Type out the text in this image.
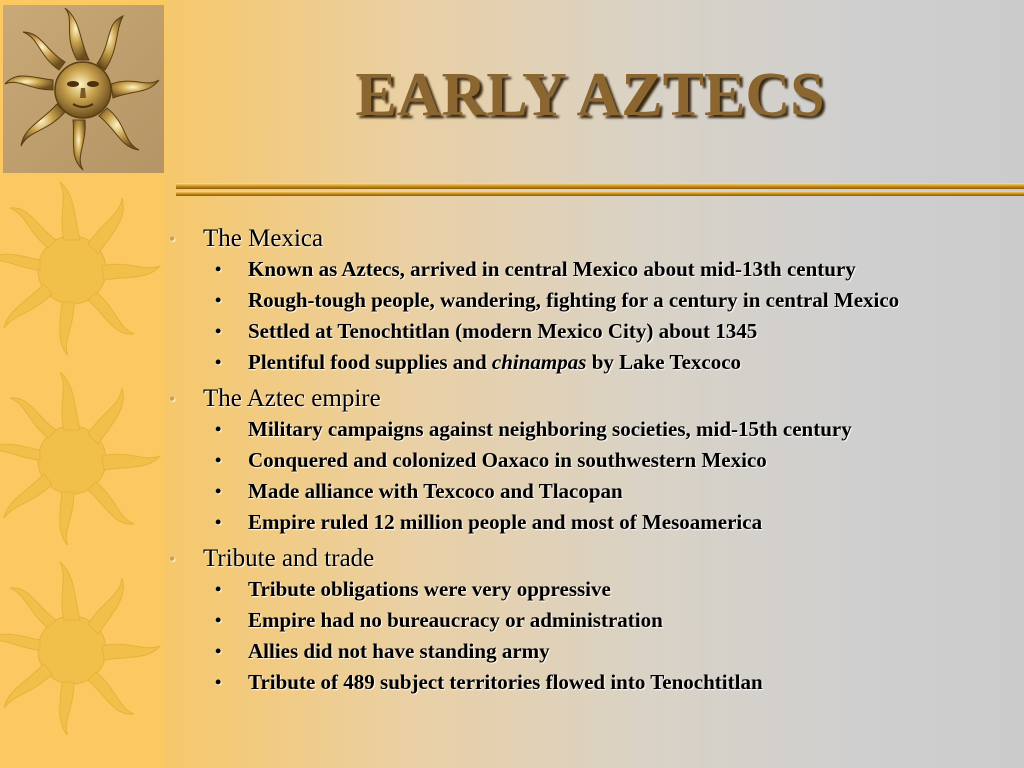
EARLY AZTECS
• The Mexica
• Known as Aztecs, arrived in central Mexico about mid-13th century
• Rough-tough people, wandering, fighting for a century in central Mexico
• Settled at Tenochtitlan (modern Mexico City) about 1345
• Plentiful food supplies and chinampas by Lake Texcoco
• The Aztec empire
• Military campaigns against neighboring societies, mid-15th century
• Conquered and colonized Oaxaco in southwestern Mexico
• Made alliance with Texcoco and Tlacopan
• Empire ruled 12 million people and most of Mesoamerica
• Tribute and trade
• Tribute obligations were very oppressive
• Empire had no bureaucracy or administration
• Allies did not have standing army
• Tribute of 489 subject territories flowed into Tenochtitlan
